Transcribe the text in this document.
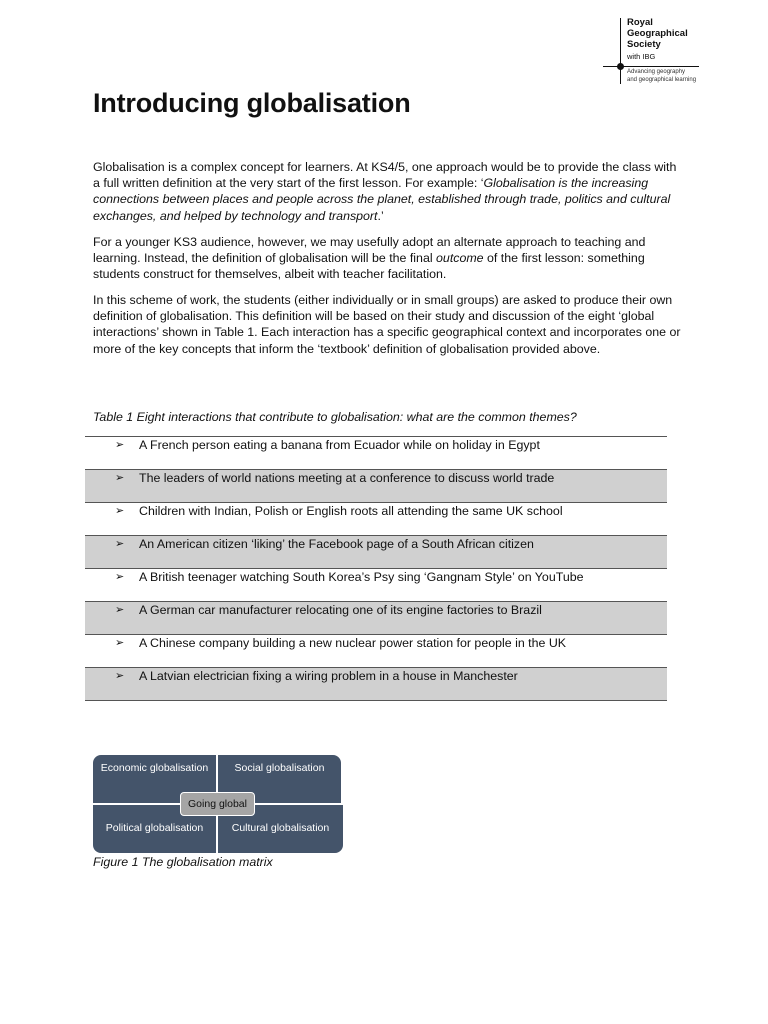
Royal
Geographical
Society
with IBG
Advancing geography
and geographical learning
Introducing globalisation

Globalisation is a complex concept for learners. At KS4/5, one approach would be to provide the class with a full written definition at the very start of the first lesson. For example: ‘Globalisation is the increasing connections between places and people across the planet, established through trade, politics and cultural exchanges, and helped by technology and transport.’

For a younger KS3 audience, however, we may usefully adopt an alternate approach to teaching and learning. Instead, the definition of globalisation will be the final outcome of the first lesson: something students construct for themselves, albeit with teacher facilitation.

In this scheme of work, the students (either individually or in small groups) are asked to produce their own definition of globalisation. This definition will be based on their study and discussion of the eight ‘global interactions’ shown in Table 1. Each interaction has a specific geographical context and incorporates one or more of the key concepts that inform the ‘textbook’ definition of globalisation provided above.

Table 1 Eight interactions that contribute to globalisation: what are the common themes?

➢ A French person eating a banana from Ecuador while on holiday in Egypt
➢ The leaders of world nations meeting at a conference to discuss world trade
➢ Children with Indian, Polish or English roots all attending the same UK school
➢ An American citizen ‘liking’ the Facebook page of a South African citizen
➢ A British teenager watching South Korea’s Psy sing ‘Gangnam Style’ on YouTube
➢ A German car manufacturer relocating one of its engine factories to Brazil
➢ A Chinese company building a new nuclear power station for people in the UK
➢ A Latvian electrician fixing a wiring problem in a house in Manchester
Economic globalisation	Social globalisation
Political globalisation	Cultural globalisation
Going global

Figure 1 The globalisation matrix
